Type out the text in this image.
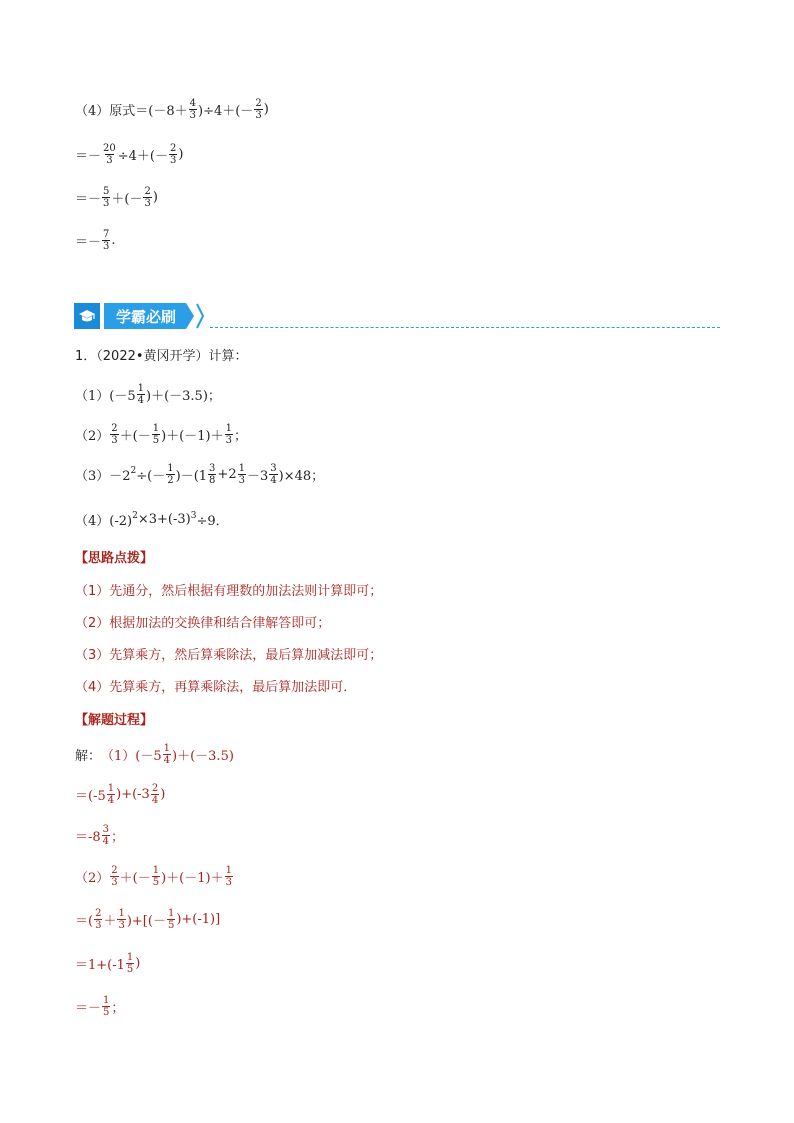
（4）原式$=(-8+ \frac{4}{3} )\div 4+(- \frac{2}{3}$ )
＝－ $\frac{20}{3} \div 4+(- \frac{2}{3}$ )
＝－ $\frac{5}{3}$ ＋(－ $\frac{2}{3}$ )
＝－ $\frac{7}{3}$ .
学霸必刷
1．（2022•黄冈开学）计算：
$(1)(-5 \frac{1}{4} )+(-3.5)$；
$(2) \frac{2}{3}$ ＋(－ $\frac{1}{5} )+(-1)+ \frac{1}{3}$ ；
$(3)-2^2$ ÷(－ $\frac{1}{2} )-(1 \frac{3}{8} +2 \frac{1}{3} -3 \frac{3}{4} )\times 48$；
$(4)(-2)^2 \times 3+(-3)^3 \div 9$．
【思路点拨】
（1）先通分，然后根据有理数的加法法则计算即可；
（2）根据加法的交换律和结合律解答即可；
（3）先算乘方，然后算乘除法，最后算加减法即可；
（4）先算乘方，再算乘除法，最后算加法即可．
【解题过程】
解： $(1)(-5 \frac{1}{4} )+(-3.5)$
$=(-5 \frac{1}{4} )+(-3 \frac{2}{4}$ )
$=-8 \frac{3}{4}$ ；
$(2) \frac{2}{3}$ ＋(－ $\frac{1}{5} )+(-1)+ \frac{1}{3}$
＝( $\frac{2}{3} + \frac{1}{3}$ )+[(－ $\frac{1}{5} )+(-1)$]
$=1+(-1 \frac{1}{5}$ )
＝－ $\frac{1}{5}$ ；
